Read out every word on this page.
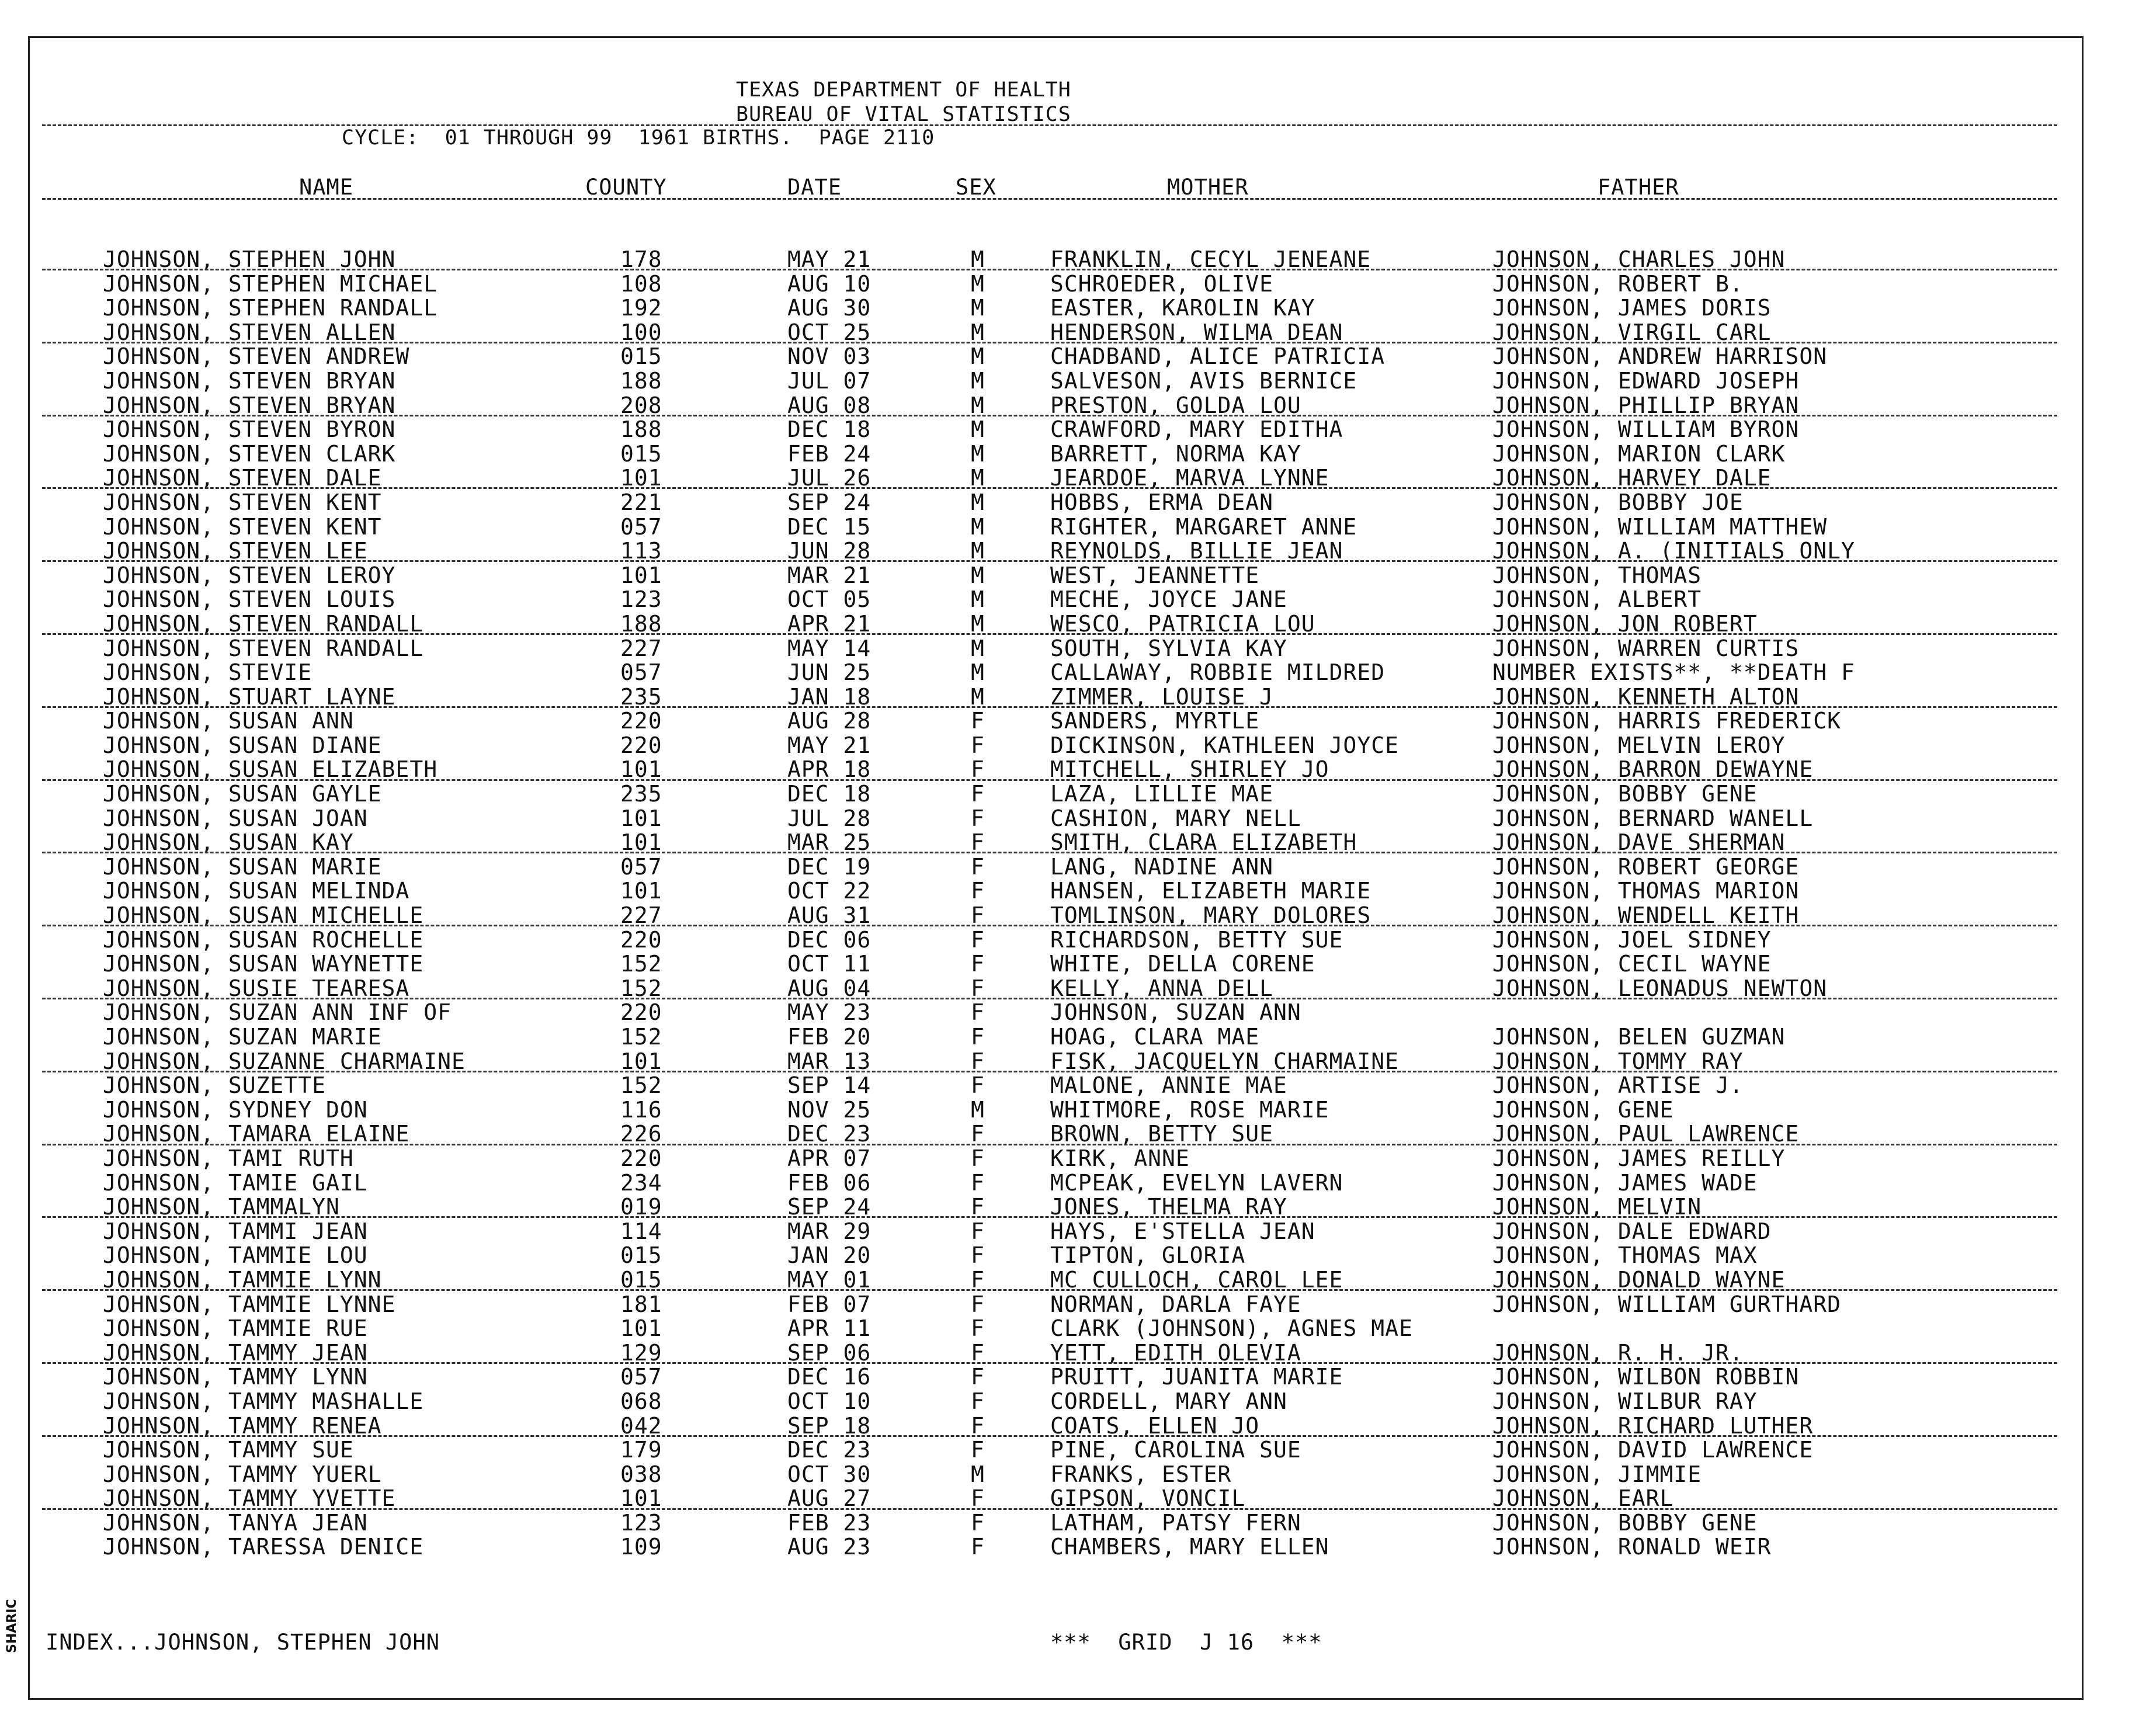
TEXAS DEPARTMENT OF HEALTH
BUREAU OF VITAL STATISTICS
CYCLE:  01 THROUGH 99  1961 BIRTHS.  PAGE 2110
NAME	COUNTY	DATE	SEX	MOTHER	FATHER
JOHNSON, STEPHEN JOHN	178	MAY 21	M	FRANKLIN, CECYL JENEANE	JOHNSON, CHARLES JOHN
JOHNSON, STEPHEN MICHAEL	108	AUG 10	M	SCHROEDER, OLIVE	JOHNSON, ROBERT B.
JOHNSON, STEPHEN RANDALL	192	AUG 30	M	EASTER, KAROLIN KAY	JOHNSON, JAMES DORIS
JOHNSON, STEVEN ALLEN	100	OCT 25	M	HENDERSON, WILMA DEAN	JOHNSON, VIRGIL CARL
JOHNSON, STEVEN ANDREW	015	NOV 03	M	CHADBAND, ALICE PATRICIA	JOHNSON, ANDREW HARRISON
JOHNSON, STEVEN BRYAN	188	JUL 07	M	SALVESON, AVIS BERNICE	JOHNSON, EDWARD JOSEPH
JOHNSON, STEVEN BRYAN	208	AUG 08	M	PRESTON, GOLDA LOU	JOHNSON, PHILLIP BRYAN
JOHNSON, STEVEN BYRON	188	DEC 18	M	CRAWFORD, MARY EDITHA	JOHNSON, WILLIAM BYRON
JOHNSON, STEVEN CLARK	015	FEB 24	M	BARRETT, NORMA KAY	JOHNSON, MARION CLARK
JOHNSON, STEVEN DALE	101	JUL 26	M	JEARDOE, MARVA LYNNE	JOHNSON, HARVEY DALE
JOHNSON, STEVEN KENT	221	SEP 24	M	HOBBS, ERMA DEAN	JOHNSON, BOBBY JOE
JOHNSON, STEVEN KENT	057	DEC 15	M	RIGHTER, MARGARET ANNE	JOHNSON, WILLIAM MATTHEW
JOHNSON, STEVEN LEE	113	JUN 28	M	REYNOLDS, BILLIE JEAN	JOHNSON, A. (INITIALS ONLY
JOHNSON, STEVEN LEROY	101	MAR 21	M	WEST, JEANNETTE	JOHNSON, THOMAS
JOHNSON, STEVEN LOUIS	123	OCT 05	M	MECHE, JOYCE JANE	JOHNSON, ALBERT
JOHNSON, STEVEN RANDALL	188	APR 21	M	WESCO, PATRICIA LOU	JOHNSON, JON ROBERT
JOHNSON, STEVEN RANDALL	227	MAY 14	M	SOUTH, SYLVIA KAY	JOHNSON, WARREN CURTIS
JOHNSON, STEVIE	057	JUN 25	M	CALLAWAY, ROBBIE MILDRED	NUMBER EXISTS**, **DEATH F
JOHNSON, STUART LAYNE	235	JAN 18	M	ZIMMER, LOUISE J	JOHNSON, KENNETH ALTON
JOHNSON, SUSAN ANN	220	AUG 28	F	SANDERS, MYRTLE	JOHNSON, HARRIS FREDERICK
JOHNSON, SUSAN DIANE	220	MAY 21	F	DICKINSON, KATHLEEN JOYCE	JOHNSON, MELVIN LEROY
JOHNSON, SUSAN ELIZABETH	101	APR 18	F	MITCHELL, SHIRLEY JO	JOHNSON, BARRON DEWAYNE
JOHNSON, SUSAN GAYLE	235	DEC 18	F	LAZA, LILLIE MAE	JOHNSON, BOBBY GENE
JOHNSON, SUSAN JOAN	101	JUL 28	F	CASHION, MARY NELL	JOHNSON, BERNARD WANELL
JOHNSON, SUSAN KAY	101	MAR 25	F	SMITH, CLARA ELIZABETH	JOHNSON, DAVE SHERMAN
JOHNSON, SUSAN MARIE	057	DEC 19	F	LANG, NADINE ANN	JOHNSON, ROBERT GEORGE
JOHNSON, SUSAN MELINDA	101	OCT 22	F	HANSEN, ELIZABETH MARIE	JOHNSON, THOMAS MARION
JOHNSON, SUSAN MICHELLE	227	AUG 31	F	TOMLINSON, MARY DOLORES	JOHNSON, WENDELL KEITH
JOHNSON, SUSAN ROCHELLE	220	DEC 06	F	RICHARDSON, BETTY SUE	JOHNSON, JOEL SIDNEY
JOHNSON, SUSAN WAYNETTE	152	OCT 11	F	WHITE, DELLA CORENE	JOHNSON, CECIL WAYNE
JOHNSON, SUSIE TEARESA	152	AUG 04	F	KELLY, ANNA DELL	JOHNSON, LEONADUS NEWTON
JOHNSON, SUZAN ANN INF OF	220	MAY 23	F	JOHNSON, SUZAN ANN
JOHNSON, SUZAN MARIE	152	FEB 20	F	HOAG, CLARA MAE	JOHNSON, BELEN GUZMAN
JOHNSON, SUZANNE CHARMAINE	101	MAR 13	F	FISK, JACQUELYN CHARMAINE	JOHNSON, TOMMY RAY
JOHNSON, SUZETTE	152	SEP 14	F	MALONE, ANNIE MAE	JOHNSON, ARTISE J.
JOHNSON, SYDNEY DON	116	NOV 25	M	WHITMORE, ROSE MARIE	JOHNSON, GENE
JOHNSON, TAMARA ELAINE	226	DEC 23	F	BROWN, BETTY SUE	JOHNSON, PAUL LAWRENCE
JOHNSON, TAMI RUTH	220	APR 07	F	KIRK, ANNE	JOHNSON, JAMES REILLY
JOHNSON, TAMIE GAIL	234	FEB 06	F	MCPEAK, EVELYN LAVERN	JOHNSON, JAMES WADE
JOHNSON, TAMMALYN	019	SEP 24	F	JONES, THELMA RAY	JOHNSON, MELVIN
JOHNSON, TAMMI JEAN	114	MAR 29	F	HAYS, E'STELLA JEAN	JOHNSON, DALE EDWARD
JOHNSON, TAMMIE LOU	015	JAN 20	F	TIPTON, GLORIA	JOHNSON, THOMAS MAX
JOHNSON, TAMMIE LYNN	015	MAY 01	F	MC CULLOCH, CAROL LEE	JOHNSON, DONALD WAYNE
JOHNSON, TAMMIE LYNNE	181	FEB 07	F	NORMAN, DARLA FAYE	JOHNSON, WILLIAM GURTHARD
JOHNSON, TAMMIE RUE	101	APR 11	F	CLARK (JOHNSON), AGNES MAE
JOHNSON, TAMMY JEAN	129	SEP 06	F	YETT, EDITH OLEVIA	JOHNSON, R. H. JR.
JOHNSON, TAMMY LYNN	057	DEC 16	F	PRUITT, JUANITA MARIE	JOHNSON, WILBON ROBBIN
JOHNSON, TAMMY MASHALLE	068	OCT 10	F	CORDELL, MARY ANN	JOHNSON, WILBUR RAY
JOHNSON, TAMMY RENEA	042	SEP 18	F	COATS, ELLEN JO	JOHNSON, RICHARD LUTHER
JOHNSON, TAMMY SUE	179	DEC 23	F	PINE, CAROLINA SUE	JOHNSON, DAVID LAWRENCE
JOHNSON, TAMMY YUERL	038	OCT 30	M	FRANKS, ESTER	JOHNSON, JIMMIE
JOHNSON, TAMMY YVETTE	101	AUG 27	F	GIPSON, VONCIL	JOHNSON, EARL
JOHNSON, TANYA JEAN	123	FEB 23	F	LATHAM, PATSY FERN	JOHNSON, BOBBY GENE
JOHNSON, TARESSA DENICE	109	AUG 23	F	CHAMBERS, MARY ELLEN	JOHNSON, RONALD WEIR
INDEX...JOHNSON, STEPHEN JOHN	***  GRID  J 16  ***
SHARIC
